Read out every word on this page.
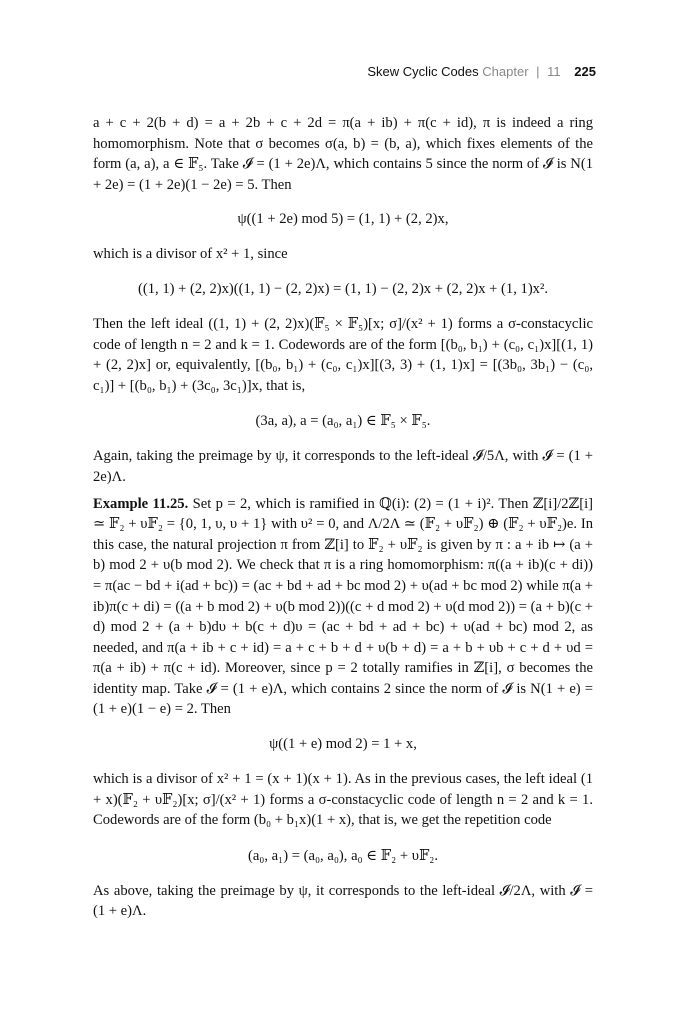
Skew Cyclic Codes Chapter | 11 225

a + c + 2(b + d) = a + 2b + c + 2d = π(a + ib) + π(c + id), π is indeed a ring homomorphism. Note that σ becomes σ(a, b) = (b, a), which fixes elements of the form (a, a), a ∈ 𝔽₅. Take 𝓘 = (1 + 2e)Λ, which contains 5 since the norm of 𝓘 is N(1 + 2e) = (1 + 2e)(1 − 2e) = 5. Then

ψ((1 + 2e) mod 5) = (1, 1) + (2, 2)x,

which is a divisor of x² + 1, since

((1, 1) + (2, 2)x)((1, 1) − (2, 2)x) = (1, 1) − (2, 2)x + (2, 2)x + (1, 1)x².

Then the left ideal ((1, 1) + (2, 2)x)(𝔽₅ × 𝔽₅)[x; σ]/(x² + 1) forms a σ-constacyclic code of length n = 2 and k = 1. Codewords are of the form [(b₀, b₁) + (c₀, c₁)x][(1, 1) + (2, 2)x] or, equivalently, [(b₀, b₁) + (c₀, c₁)x][(3, 3) + (1, 1)x] = [(3b₀, 3b₁) − (c₀, c₁)] + [(b₀, b₁) + (3c₀, 3c₁)]x, that is,

(3a, a), a = (a₀, a₁) ∈ 𝔽₅ × 𝔽₅.

Again, taking the preimage by ψ, it corresponds to the left-ideal 𝓘/5Λ, with 𝓘 = (1 + 2e)Λ.

Example 11.25. Set p = 2, which is ramified in ℚ(i): (2) = (1 + i)². Then ℤ[i]/2ℤ[i] ≃ 𝔽₂ + υ𝔽₂ = {0, 1, υ, υ + 1} with υ² = 0, and Λ/2Λ ≃ (𝔽₂ + υ𝔽₂) ⊕ (𝔽₂ + υ𝔽₂)e. In this case, the natural projection π from ℤ[i] to 𝔽₂ + υ𝔽₂ is given by π : a + ib ↦ (a + b) mod 2 + υ(b mod 2). We check that π is a ring homomorphism: π((a + ib)(c + di)) = π(ac − bd + i(ad + bc)) = (ac + bd + ad + bc mod 2) + υ(ad + bc mod 2) while π(a + ib)π(c + di) = ((a + b mod 2) + υ(b mod 2))((c + d mod 2) + υ(d mod 2)) = (a + b)(c + d) mod 2 + (a + b)dυ + b(c + d)υ = (ac + bd + ad + bc) + υ(ad + bc) mod 2, as needed, and π(a + ib + c + id) = a + c + b + d + υ(b + d) = a + b + υb + c + d + υd = π(a + ib) + π(c + id). Moreover, since p = 2 totally ramifies in ℤ[i], σ becomes the identity map. Take 𝓘 = (1 + e)Λ, which contains 2 since the norm of 𝓘 is N(1 + e) = (1 + e)(1 − e) = 2. Then

ψ((1 + e) mod 2) = 1 + x,

which is a divisor of x² + 1 = (x + 1)(x + 1). As in the previous cases, the left ideal (1 + x)(𝔽₂ + υ𝔽₂)[x; σ]/(x² + 1) forms a σ-constacyclic code of length n = 2 and k = 1. Codewords are of the form (b₀ + b₁x)(1 + x), that is, we get the repetition code

(a₀, a₁) = (a₀, a₀), a₀ ∈ 𝔽₂ + υ𝔽₂.

As above, taking the preimage by ψ, it corresponds to the left-ideal 𝓘/2Λ, with 𝓘 = (1 + e)Λ.
